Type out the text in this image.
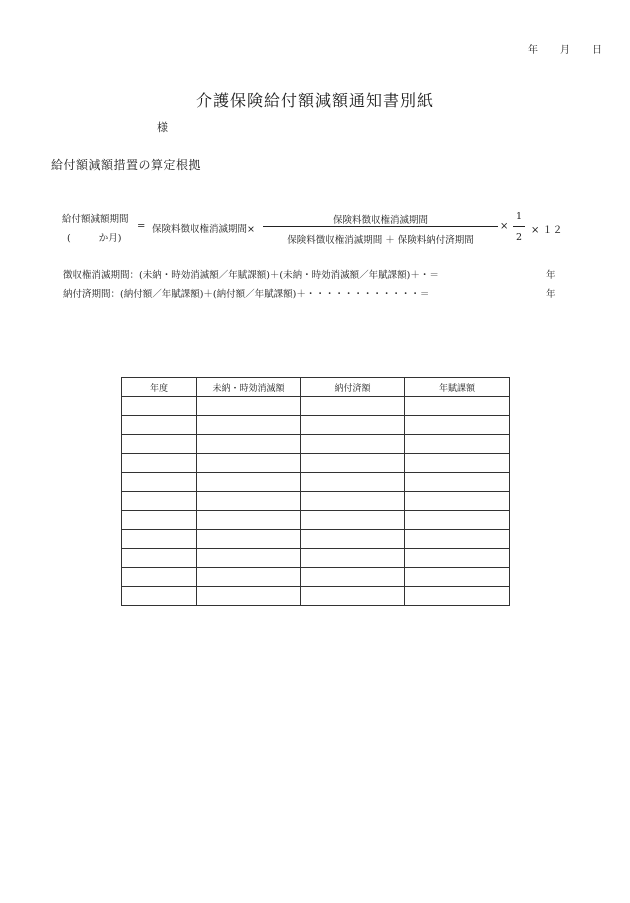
年	月	日
介護保険給付額減額通知書別紙
様
給付額減額措置の算定根拠
給付額減額期間
(	か月)
= 保険料徴収権消滅期間×
保険料徴収権消滅期間
保険料徴収権消滅期間 ＋ 保険料納付済期間
×
1
2
× １２
徴収権消滅期間：(未納・時効消滅額／年賦課額)＋(未納・時効消滅額／年賦課額)＋・＝	年
納付済期間：(納付額／年賦課額)＋(納付額／年賦課額)＋・・・・・・・・・・・・＝	年
年度	未納・時効消滅額	納付済額	年賦課額
